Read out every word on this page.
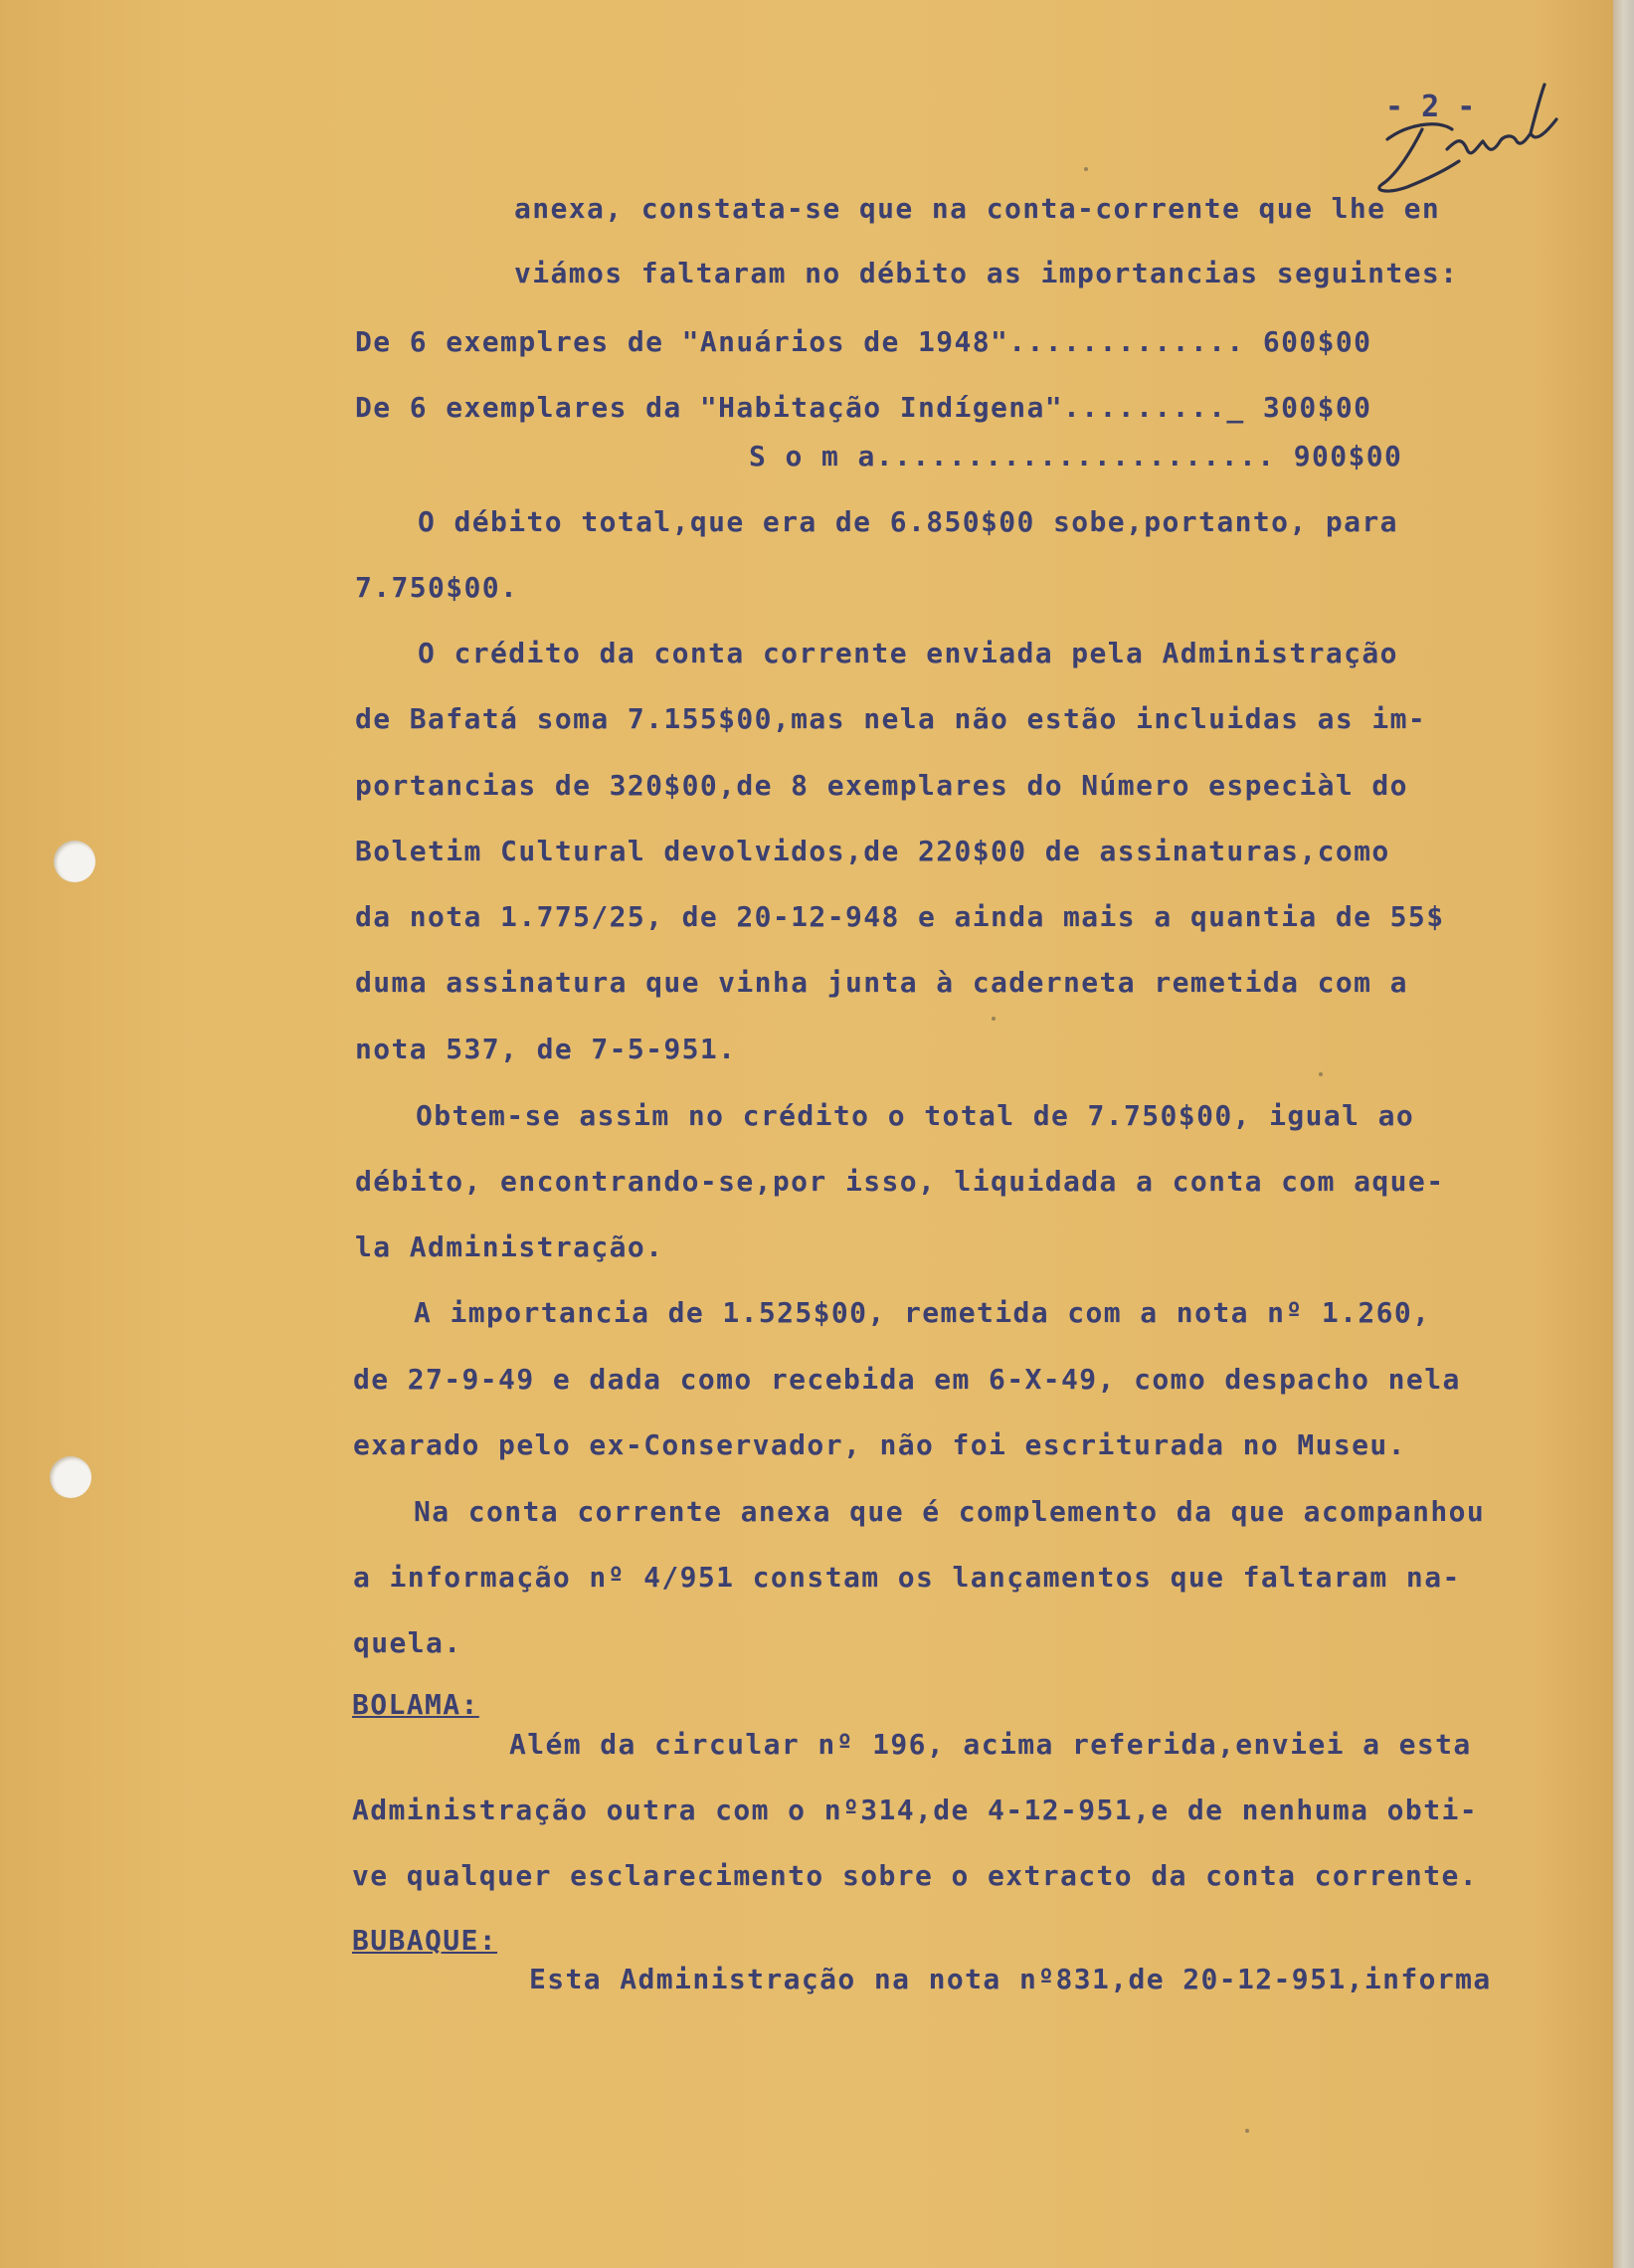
- 2 -
anexa, constata-se que na conta-corrente que lhe en
viámos faltaram no débito as importancias seguintes:
De 6 exemplres de "Anuários de 1948"............. 600$00
De 6 exemplares da "Habitação Indígena"........._ 300$00
S o m a...................... 900$00
O débito total,que era de 6.850$00 sobe,portanto, para
7.750$00.
O crédito da conta corrente enviada pela Administração
de Bafatá soma 7.155$00,mas nela não estão incluidas as im-
portancias de 320$00,de 8 exemplares do Número especiàl do
Boletim Cultural devolvidos,de 220$00 de assinaturas,como
da nota 1.775/25, de 20-12-948 e ainda mais a quantia de 55$
duma assinatura que vinha junta à caderneta remetida com a
nota 537, de 7-5-951.
Obtem-se assim no crédito o total de 7.750$00, igual ao
débito, encontrando-se,por isso, liquidada a conta com aque-
la Administração.
A importancia de 1.525$00, remetida com a nota nº 1.260,
de 27-9-49 e dada como recebida em 6-X-49, como despacho nela
exarado pelo ex-Conservador, não foi escriturada no Museu.
Na conta corrente anexa que é complemento da que acompanhou
a informação nº 4/951 constam os lançamentos que faltaram na-
quela.
BOLAMA:
Além da circular nº 196, acima referida,enviei a esta
Administração outra com o nº314,de 4-12-951,e de nenhuma obti-
ve qualquer esclarecimento sobre o extracto da conta corrente.
BUBAQUE:
Esta Administração na nota nº831,de 20-12-951,informa
